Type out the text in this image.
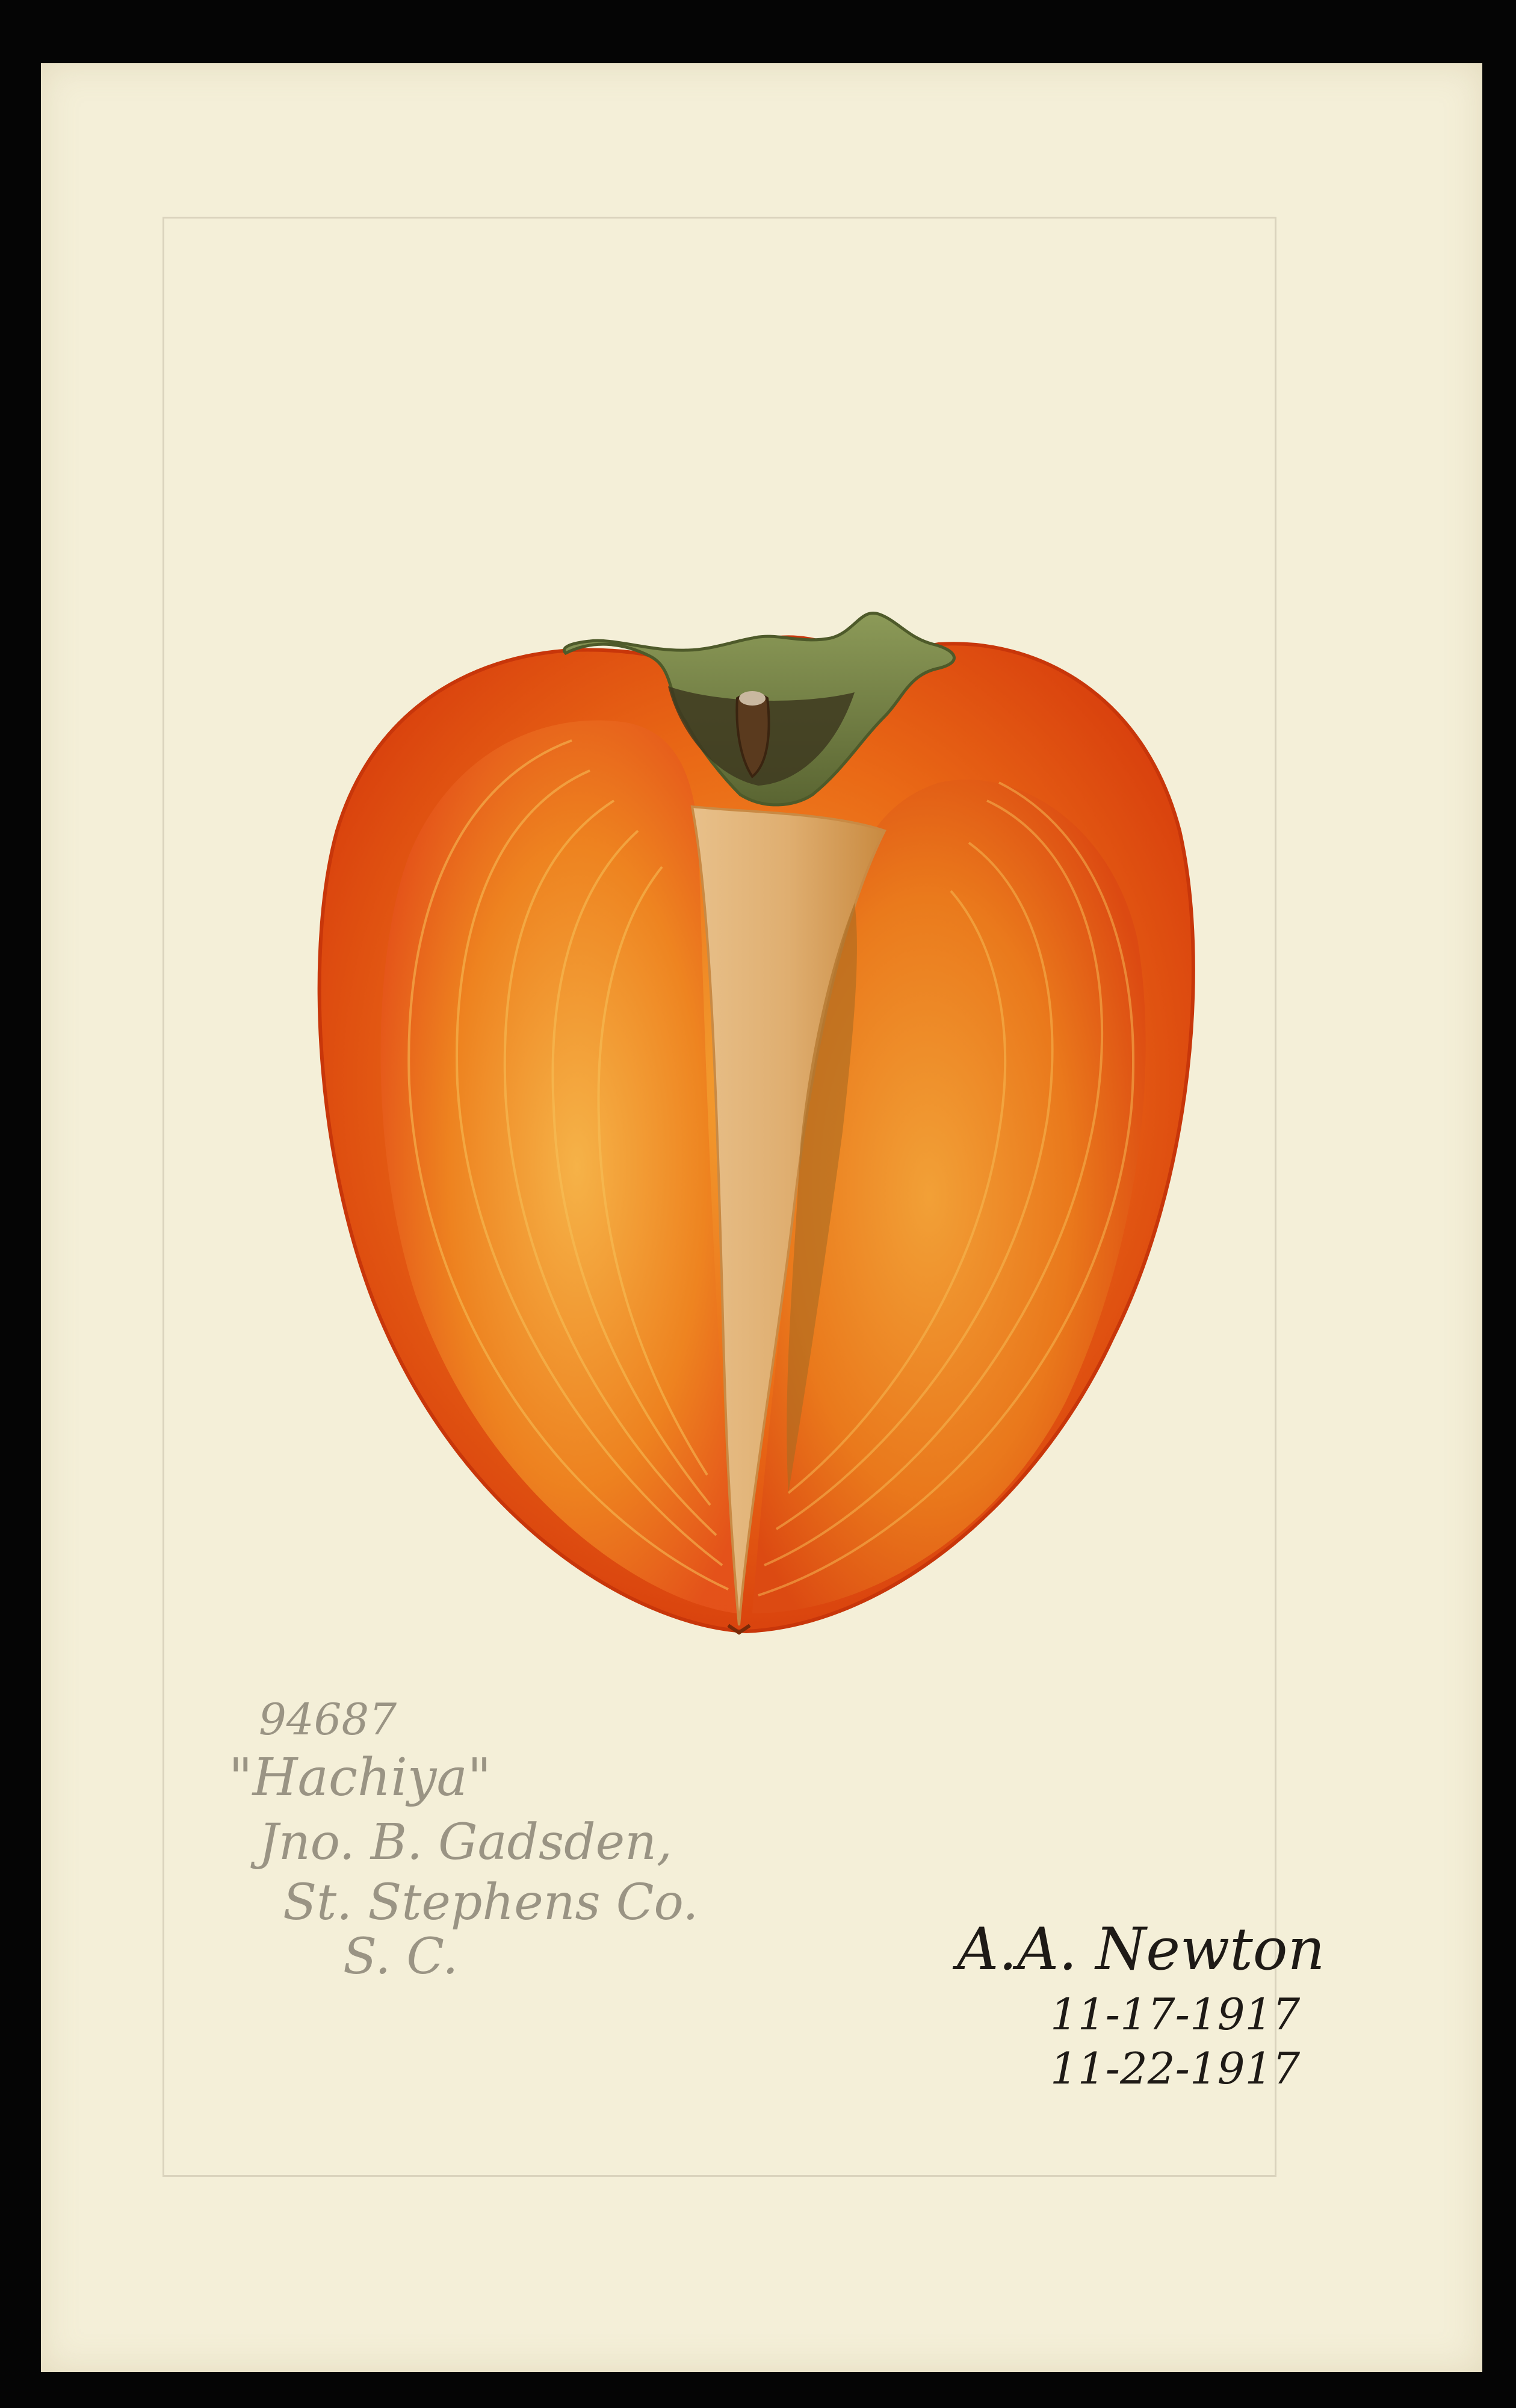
94687
"Hachiya"
Jno. B. Gadsden,
St. Stephens Co.
S. C.	A.A. Newton
11-17-1917
11-22-1917
